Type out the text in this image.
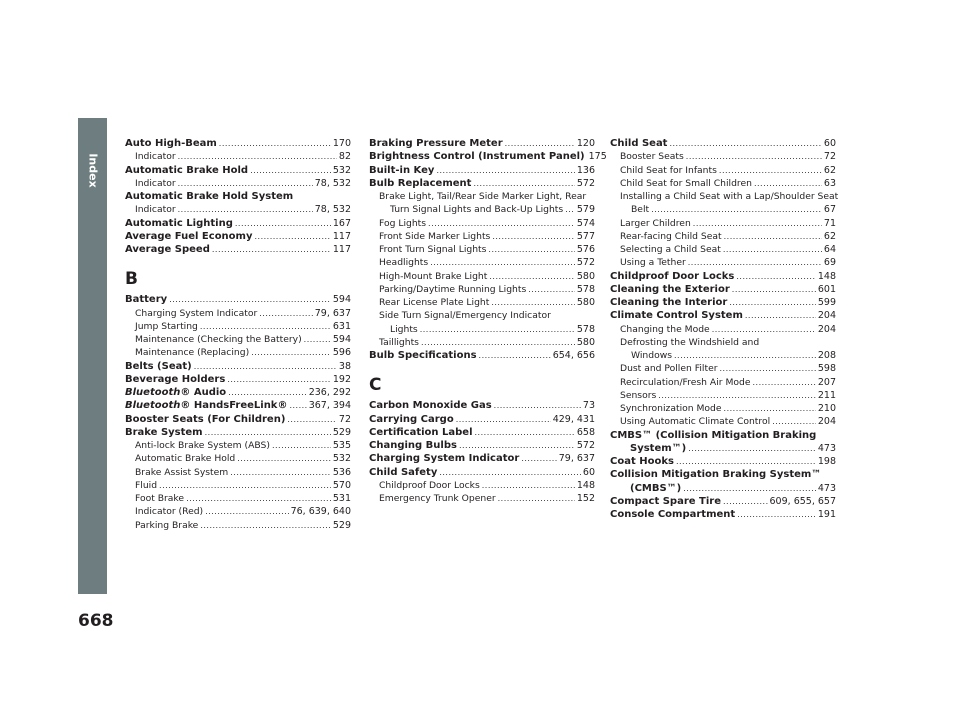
Index
668
Auto High-Beam .....	170
Indicator .....	82
Automatic Brake Hold .....	532
Indicator .....	78, 532
Automatic Brake Hold System
Indicator .....	78, 532
Automatic Lighting .....	167
Average Fuel Economy .....	117
Average Speed .....	117
B
Battery .....	594
Charging System Indicator .....	79, 637
Jump Starting .....	631
Maintenance (Checking the Battery) .....	594
Maintenance (Replacing) .....	596
Belts (Seat) .....	38
Beverage Holders .....	192
Bluetooth® Audio .....	236, 292
Bluetooth® HandsFreeLink® ..... 367, 394
Booster Seats (For Children) .....	72
Brake System .....	529
Anti-lock Brake System (ABS) .....	535
Automatic Brake Hold .....	532
Brake Assist System .....	536
Fluid .....	570
Foot Brake .....	531
Indicator (Red) .....	76, 639, 640
Parking Brake .....	529
Braking Pressure Meter .....	120
Brightness Control (Instrument Panel) 175
Built-in Key .....	136
Bulb Replacement .....	572
Brake Light, Tail/Rear Side Marker Light, Rear
Turn Signal Lights and Back-Up Lights ..... 579
Fog Lights .....	574
Front Side Marker Lights .....	577
Front Turn Signal Lights .....	576
Headlights .....	572
High-Mount Brake Light .....	580
Parking/Daytime Running Lights .....	578
Rear License Plate Light .....	580
Side Turn Signal/Emergency Indicator
Lights .....	578
Taillights .....	580
Bulb Specifications .....	654, 656
C
Carbon Monoxide Gas .....	73
Carrying Cargo .....	429, 431
Certification Label .....	658
Changing Bulbs .....	572
Charging System Indicator .....	79, 637
Child Safety .....	60
Childproof Door Locks .....	148
Emergency Trunk Opener .....	152
Child Seat .....	60
Booster Seats .....	72
Child Seat for Infants .....	62
Child Seat for Small Children .....	63
Installing a Child Seat with a Lap/Shoulder Seat
Belt .....	67
Larger Children .....	71
Rear-facing Child Seat .....	62
Selecting a Child Seat .....	64
Using a Tether .....	69
Childproof Door Locks .....	148
Cleaning the Exterior .....	601
Cleaning the Interior .....	599
Climate Control System .....	204
Changing the Mode .....	204
Defrosting the Windshield and
Windows .....	208
Dust and Pollen Filter .....	598
Recirculation/Fresh Air Mode .....	207
Sensors .....	211
Synchronization Mode .....	210
Using Automatic Climate Control .....	204
CMBS™ (Collision Mitigation Braking
System™) .....	473
Coat Hooks .....	198
Collision Mitigation Braking System™
(CMBS™) .....	473
Compact Spare Tire .....	609, 655, 657
Console Compartment .....	191
